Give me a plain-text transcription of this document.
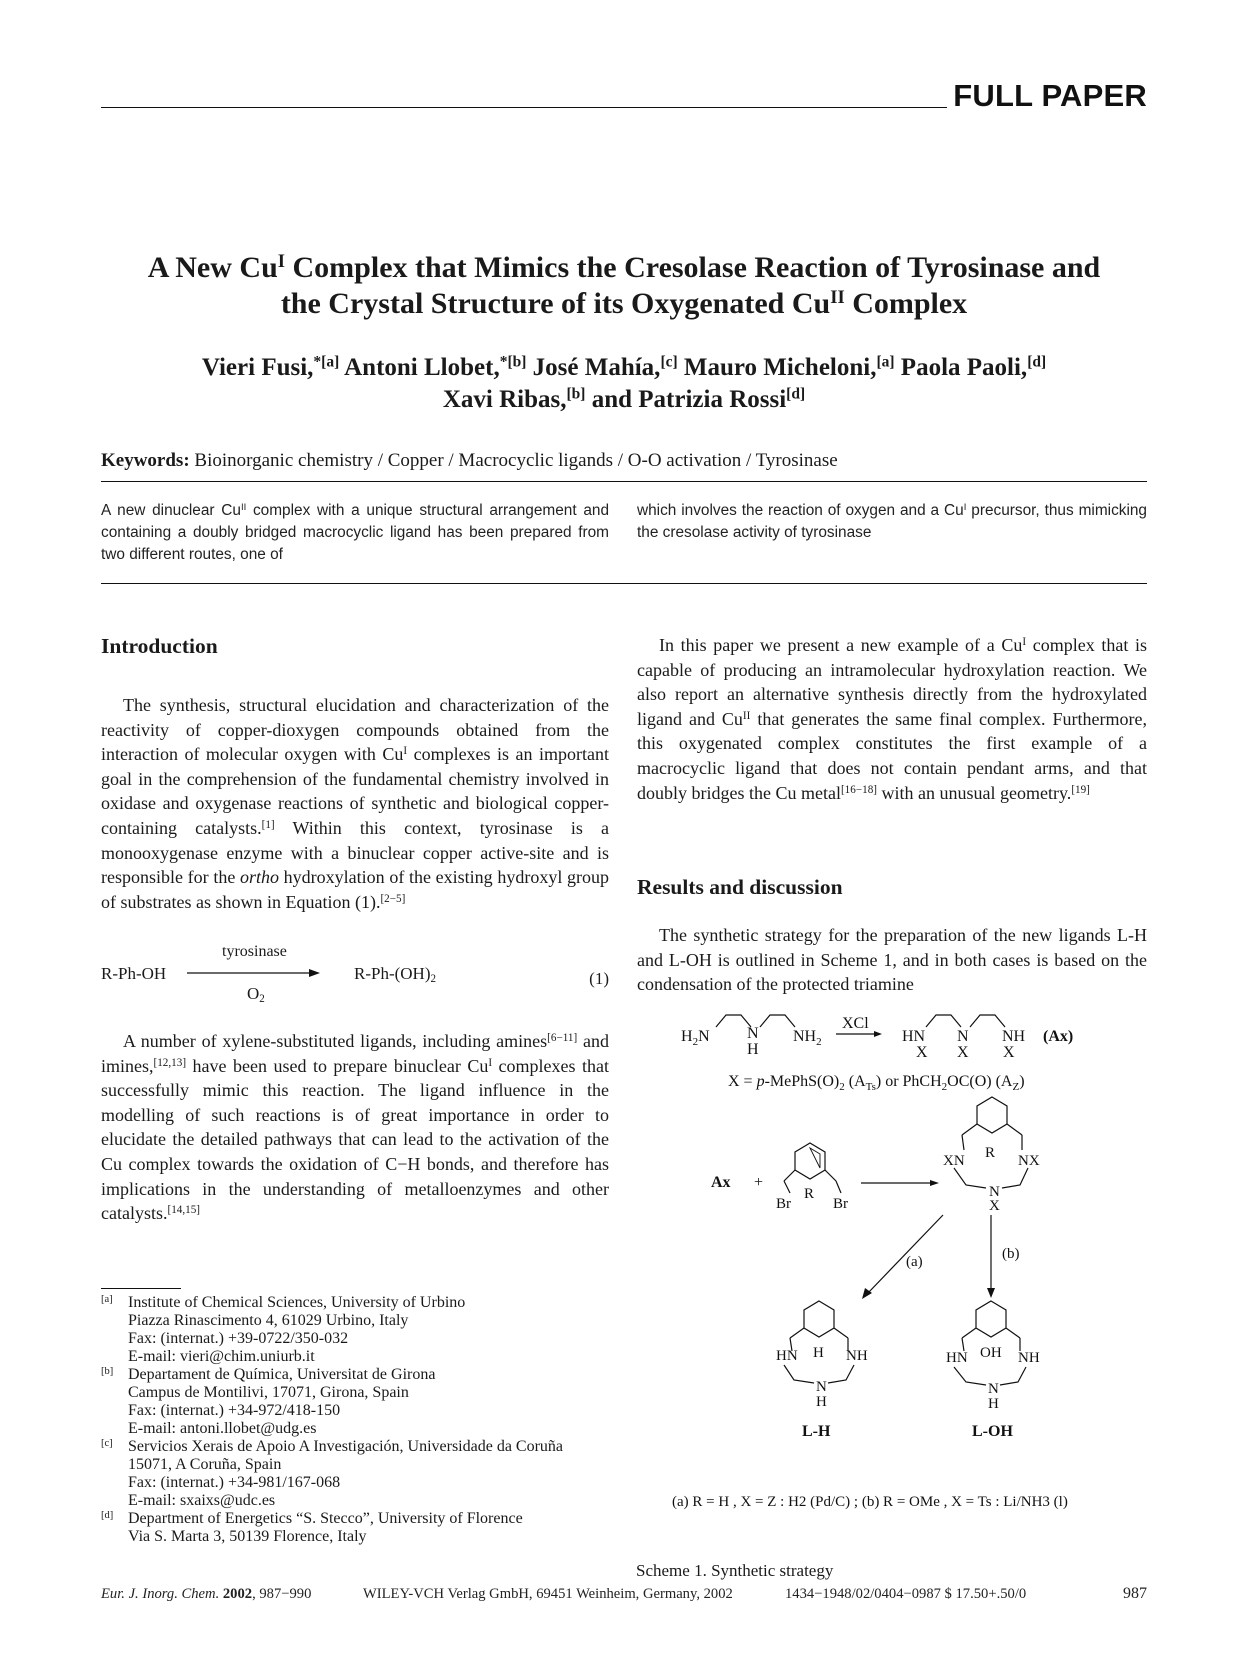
FULL PAPER
A New $Cu^I$ Complex that Mimics the Cresolase Reaction of Tyrosinase and
the Crystal Structure of its Oxygenated $Cu^{II}$ Complex
Vieri Fusi,$^{*[a]}$ Antoni Llobet,$^{*[b]}$ José Mahía,[c] Mauro Micheloni,[a] Paola Paoli,[d]
Xavi Ribas,[b] and Patrizia Rossi[d]
Keywords: Bioinorganic chemistry / Copper / Macrocyclic ligands / O-O activation / Tyrosinase
A new dinuclear $Cu^{II}$ complex with a unique structural arrangement and containing a doubly bridged macrocyclic ligand has been prepared from two different routes, one of
which involves the reaction of oxygen and a $Cu^I$ precursor, thus mimicking the cresolase activity of tyrosinase
Introduction

The synthesis, structural elucidation and characterization of the reactivity of copper-dioxygen compounds obtained from the interaction of molecular oxygen with $Cu^I$ complexes is an important goal in the comprehension of the fundamental chemistry involved in oxidase and oxygenase reactions of synthetic and biological copper-containing catalysts.[1] Within this context, tyrosinase is a monooxygenase enzyme with a binuclear copper active-site and is responsible for the ortho hydroxylation of the existing hydroxyl group of substrates as shown in Equation (1).[2−5]

R-Ph-OH
tyrosinase
$O_2$
$R-Ph-(OH)_2$	(1)

A number of xylene-substituted ligands, including amines[6−11] and imines,[12,13] have been used to prepare binuclear $Cu^I$ complexes that successfully mimic this reaction. The ligand influence in the modelling of such reactions is of great importance in order to elucidate the detailed pathways that can lead to the activation of the Cu complex towards the oxidation of C−H bonds, and therefore has implications in the understanding of metalloenzymes and other catalysts.[14,15]

[a] Institute of Chemical Sciences, University of Urbino
Piazza Rinascimento 4, 61029 Urbino, Italy
Fax: (internat.) +39-0722/350-032
E-mail: vieri@chim.uniurb.it
[b] Departament de Química, Universitat de Girona
Campus de Montilivi, 17071, Girona, Spain
Fax: (internat.) +34-972/418-150
E-mail: antoni.llobet@udg.es
[c] Servicios Xerais de Apoio A Investigación, Universidade da Coruña
15071, A Coruña, Spain
Fax: (internat.) +34-981/167-068
E-mail: sxaixs@udc.es
[d] Department of Energetics “S. Stecco”, University of Florence
Via S. Marta 3, 50139 Florence, Italy

In this paper we present a new example of a $Cu^I$ complex that is capable of producing an intramolecular hydroxylation reaction. We also report an alternative synthesis directly from the hydroxylated ligand and $Cu^{II}$ that generates the same final complex. Furthermore, this oxygenated complex constitutes the first example of a macrocyclic ligand that does not contain pendant arms, and that doubly bridges the Cu metal[16−18] with an unusual geometry.[19]

Results and discussion

The synthetic strategy for the preparation of the new ligands L-H and L-OH is outlined in Scheme 1, and in both cases is based on the condensation of the protected triamine

$H_2N$ N
H
$NH_2$
XCl
HN
X
N
X
NH
X
(Ax)
$X = p-MePhS(O)_2$ $(A_{Ts})$ or PhCH$_2$OC(O) $(A_Z)$
Ax +
Br
R
Br
XN R NX
N
X
(a)	(b)
HN H NH
N
H
L-H
HN OH NH
N
H
L-OH
(a) R = H , X = Z : H2 (Pd/C) ; (b) R = OMe , X = Ts : Li/NH3 (l)
Scheme 1. Synthetic strategy
Eur. J. Inorg. Chem. 2002, 987−990	WILEY-VCH Verlag GmbH, 69451 Weinheim, Germany, 2002	1434−1948/02/0404−0987 $ 17.50+.50/0	987
